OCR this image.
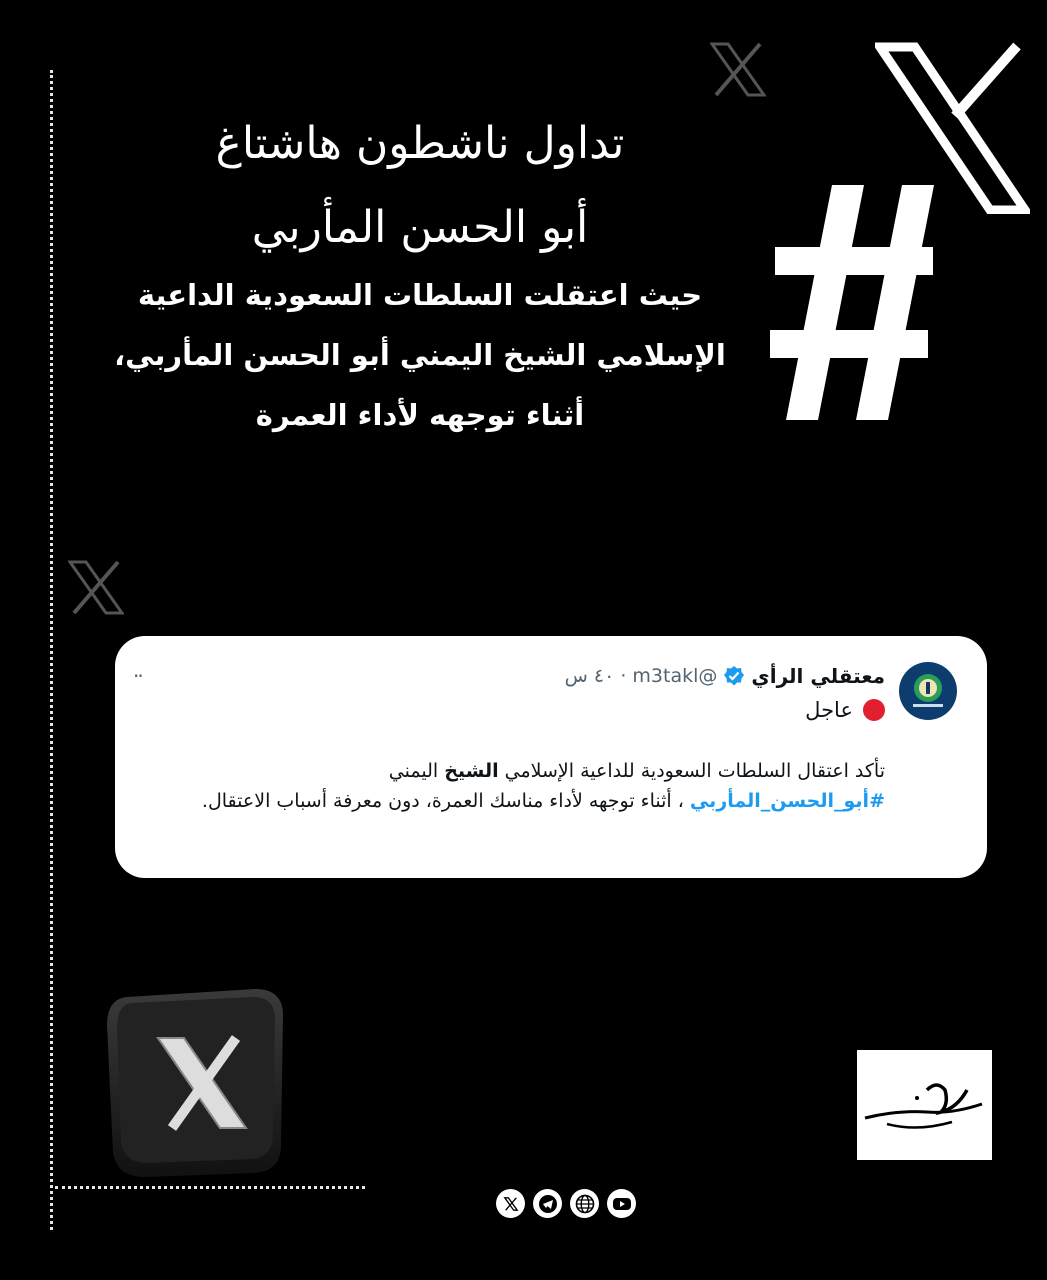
تداول ناشطون هاشتاغ
أبو الحسن المأربي
حيث اعتقلت السلطات السعودية الداعية
الإسلامي الشيخ اليمني أبو الحسن المأربي،
أثناء توجهه لأداء العمرة
معتقلي الرأي
@m3takl
· ٤٠ س
··
عاجل
تأكد اعتقال السلطات السعودية للداعية الإسلامي الشيخ اليمني
#أبو_الحسن_المأربي ، أثناء توجهه لأداء مناسك العمرة، دون معرفة أسباب الاعتقال.
